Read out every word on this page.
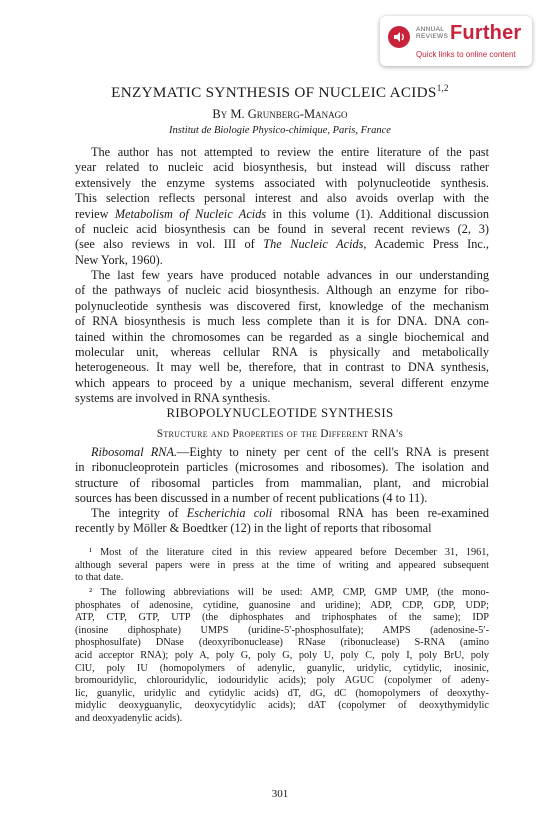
ANNUAL REVIEWS Further
Quick links to online content
ENZYMATIC SYNTHESIS OF NUCLEIC ACIDS$^{1,2}$
By M. Grunberg-Manago
Institut de Biologie Physico-chimique, Paris, France
The author has not attempted to review the entire literature of the past
year related to nucleic acid biosynthesis, but instead will discuss rather
extensively the enzyme systems associated with polynucleotide synthesis.
This selection reflects personal interest and also avoids overlap with the
review Metabolism of Nucleic Acids in this volume (1). Additional discussion
of nucleic acid biosynthesis can be found in several recent reviews (2, 3)
(see also reviews in vol. III of The Nucleic Acids, Academic Press Inc.,
New York, 1960).
The last few years have produced notable advances in our understanding
of the pathways of nucleic acid biosynthesis. Although an enzyme for ribo-
polynucleotide synthesis was discovered first, knowledge of the mechanism
of RNA biosynthesis is much less complete than it is for DNA. DNA con-
tained within the chromosomes can be regarded as a single biochemical and
molecular unit, whereas cellular RNA is physically and metabolically
heterogeneous. It may well be, therefore, that in contrast to DNA synthesis,
which appears to proceed by a unique mechanism, several different enzyme
systems are involved in RNA synthesis.
RIBOPOLYNUCLEOTIDE SYNTHESIS
Structure and Properties of the Different RNA's
Ribosomal RNA.—Eighty to ninety per cent of the cell's RNA is present
in ribonucleoprotein particles (microsomes and ribosomes). The isolation and
structure of ribosomal particles from mammalian, plant, and microbial
sources has been discussed in a number of recent publications (4 to 11).
The integrity of Escherichia coli ribosomal RNA has been re-examined
recently by Möller & Boedtker (12) in the light of reports that ribosomal
¹ Most of the literature cited in this review appeared before December 31, 1961,
although several papers were in press at the time of writing and appeared subsequent
to that date.
² The following abbreviations will be used: AMP, CMP, GMP UMP, (the mono-
phosphates of adenosine, cytidine, guanosine and uridine); ADP, CDP, GDP, UDP;
ATP, CTP, GTP, UTP (the diphosphates and triphosphates of the same); IDP
(inosine diphosphate) UMPS (uridine-5′-phosphosulfate); AMPS (adenosine-5′-
phosphosulfate) DNase (deoxyribonuclease) RNase (ribonuclease) S-RNA (amino
acid acceptor RNA); poly A, poly G, poly G, poly U, poly C, poly I, poly BrU, poly
ClU, poly IU (homopolymers of adenylic, guanylic, uridylic, cytidylic, inosinic,
bromouridylic, chlorouridylic, iodouridylic acids); poly AGUC (copolymer of adeny-
lic, guanylic, uridylic and cytidylic acids) dT, dG, dC (homopolymers of deoxythy-
midylic deoxyguanylic, deoxycytidylic acids); dAT (copolymer of deoxythymidylic
and deoxyadenylic acids).
301
